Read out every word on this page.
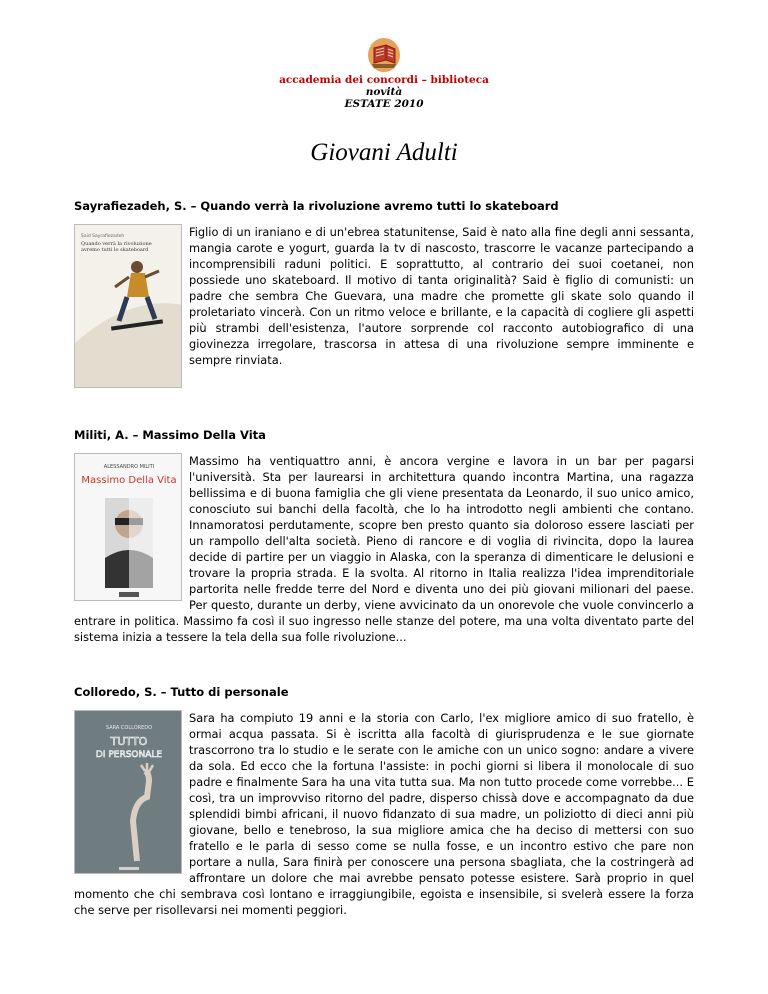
accademia dei concordi – biblioteca
novità
ESTATE 2010
Giovani Adulti
Sayrafiezadeh, S. – Quando verrà la rivoluzione avremo tutti lo skateboard
Said Sayrafiezadeh
Quando verrà la rivoluzione
avremo tutti lo skateboard
Figlio di un iraniano e di un'ebrea statunitense, Said è nato alla fine degli anni sessanta, mangia carote e yogurt, guarda la tv di nascosto, trascorre le vacanze partecipando a incomprensibili raduni politici. E soprattutto, al contrario dei suoi coetanei, non possiede uno skateboard. Il motivo di tanta originalità? Said è figlio di comunisti: un padre che sembra Che Guevara, una madre che promette gli skate solo quando il proletariato vincerà. Con un ritmo veloce e brillante, e la capacità di cogliere gli aspetti più strambi dell'esistenza, l'autore sorprende col racconto autobiografico di una giovinezza irregolare, trascorsa in attesa di una rivoluzione sempre imminente e sempre rinviata.
Militi, A. – Massimo Della Vita
ALESSANDRO MILITI
Massimo Della Vita
Massimo ha ventiquattro anni, è ancora vergine e lavora in un bar per pagarsi l'università. Sta per laurearsi in architettura quando incontra Martina, una ragazza bellissima e di buona famiglia che gli viene presentata da Leonardo, il suo unico amico, conosciuto sui banchi della facoltà, che lo ha introdotto negli ambienti che contano. Innamoratosi perdutamente, scopre ben presto quanto sia doloroso essere lasciati per un rampollo dell'alta società. Pieno di rancore e di voglia di rivincita, dopo la laurea decide di partire per un viaggio in Alaska, con la speranza di dimenticare le delusioni e trovare la propria strada. E la svolta. Al ritorno in Italia realizza l'idea imprenditoriale partorita nelle fredde terre del Nord e diventa uno dei più giovani milionari del paese. Per questo, durante un derby, viene avvicinato da un onorevole che vuole convincerlo a entrare in politica. Massimo fa così il suo ingresso nelle stanze del potere, ma una volta diventato parte del sistema inizia a tessere la tela della sua folle rivoluzione...
Colloredo, S. – Tutto di personale
SARA COLLOREDO
TUTTO
DI PERSONALE
Sara ha compiuto 19 anni e la storia con Carlo, l'ex migliore amico di suo fratello, è ormai acqua passata. Si è iscritta alla facoltà di giurisprudenza e le sue giornate trascorrono tra lo studio e le serate con le amiche con un unico sogno: andare a vivere da sola. Ed ecco che la fortuna l'assiste: in pochi giorni si libera il monolocale di suo padre e finalmente Sara ha una vita tutta sua. Ma non tutto procede come vorrebbe... E così, tra un improvviso ritorno del padre, disperso chissà dove e accompagnato da due splendidi bimbi africani, il nuovo fidanzato di sua madre, un poliziotto di dieci anni più giovane, bello e tenebroso, la sua migliore amica che ha deciso di mettersi con suo fratello e le parla di sesso come se nulla fosse, e un incontro estivo che pare non portare a nulla, Sara finirà per conoscere una persona sbagliata, che la costringerà ad affrontare un dolore che mai avrebbe pensato potesse esistere. Sarà proprio in quel momento che chi sembrava così lontano e irraggiungibile, egoista e insensibile, si svelerà essere la forza che serve per risollevarsi nei momenti peggiori.
